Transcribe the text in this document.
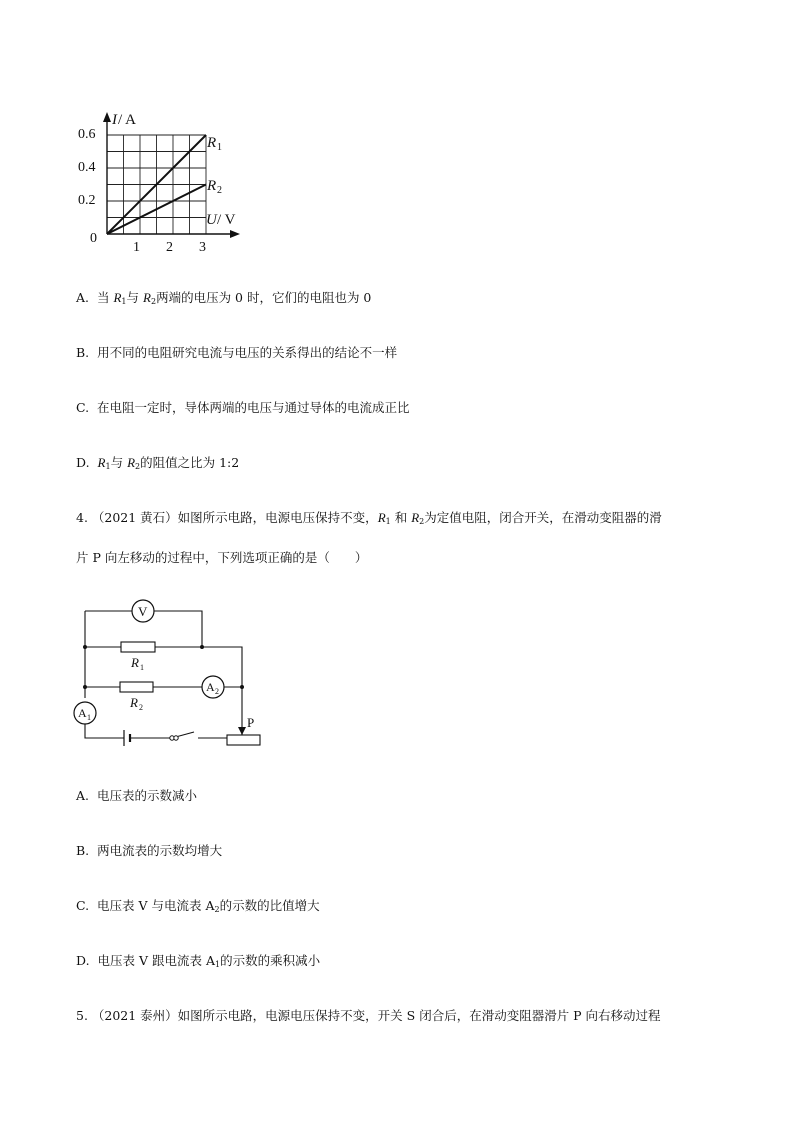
I / A
U / V
0
0.2
0.4
0.6
1 2 3
R 1
R 2
A. 当 $R_1$与 $R_2$两端的电压为 0 时，它们的电阻也为 0
B. 用不同的电阻研究电流与电压的关系得出的结论不一样
C. 在电阻一定时，导体两端的电压与通过导体的电流成正比
D. $R_1$与 $R_2$的阻值之比为 1:2
4. （2021 黄石）如图所示电路，电源电压保持不变，$R_1$ 和 $R_2$为定值电阻，闭合开关，在滑动变阻器的滑
片 P 向左移动的过程中，下列选项正确的是（　　）
V
A 1
A 2
R 1
R 2
P
A. 电压表的示数减小
B. 两电流表的示数均增大
C. 电压表 V 与电流表 $A_2$的示数的比值增大
D. 电压表 V 跟电流表 $A_1$的示数的乘积减小
5. （2021 泰州）如图所示电路，电源电压保持不变，开关 S 闭合后，在滑动变阻器滑片 P 向右移动过程
